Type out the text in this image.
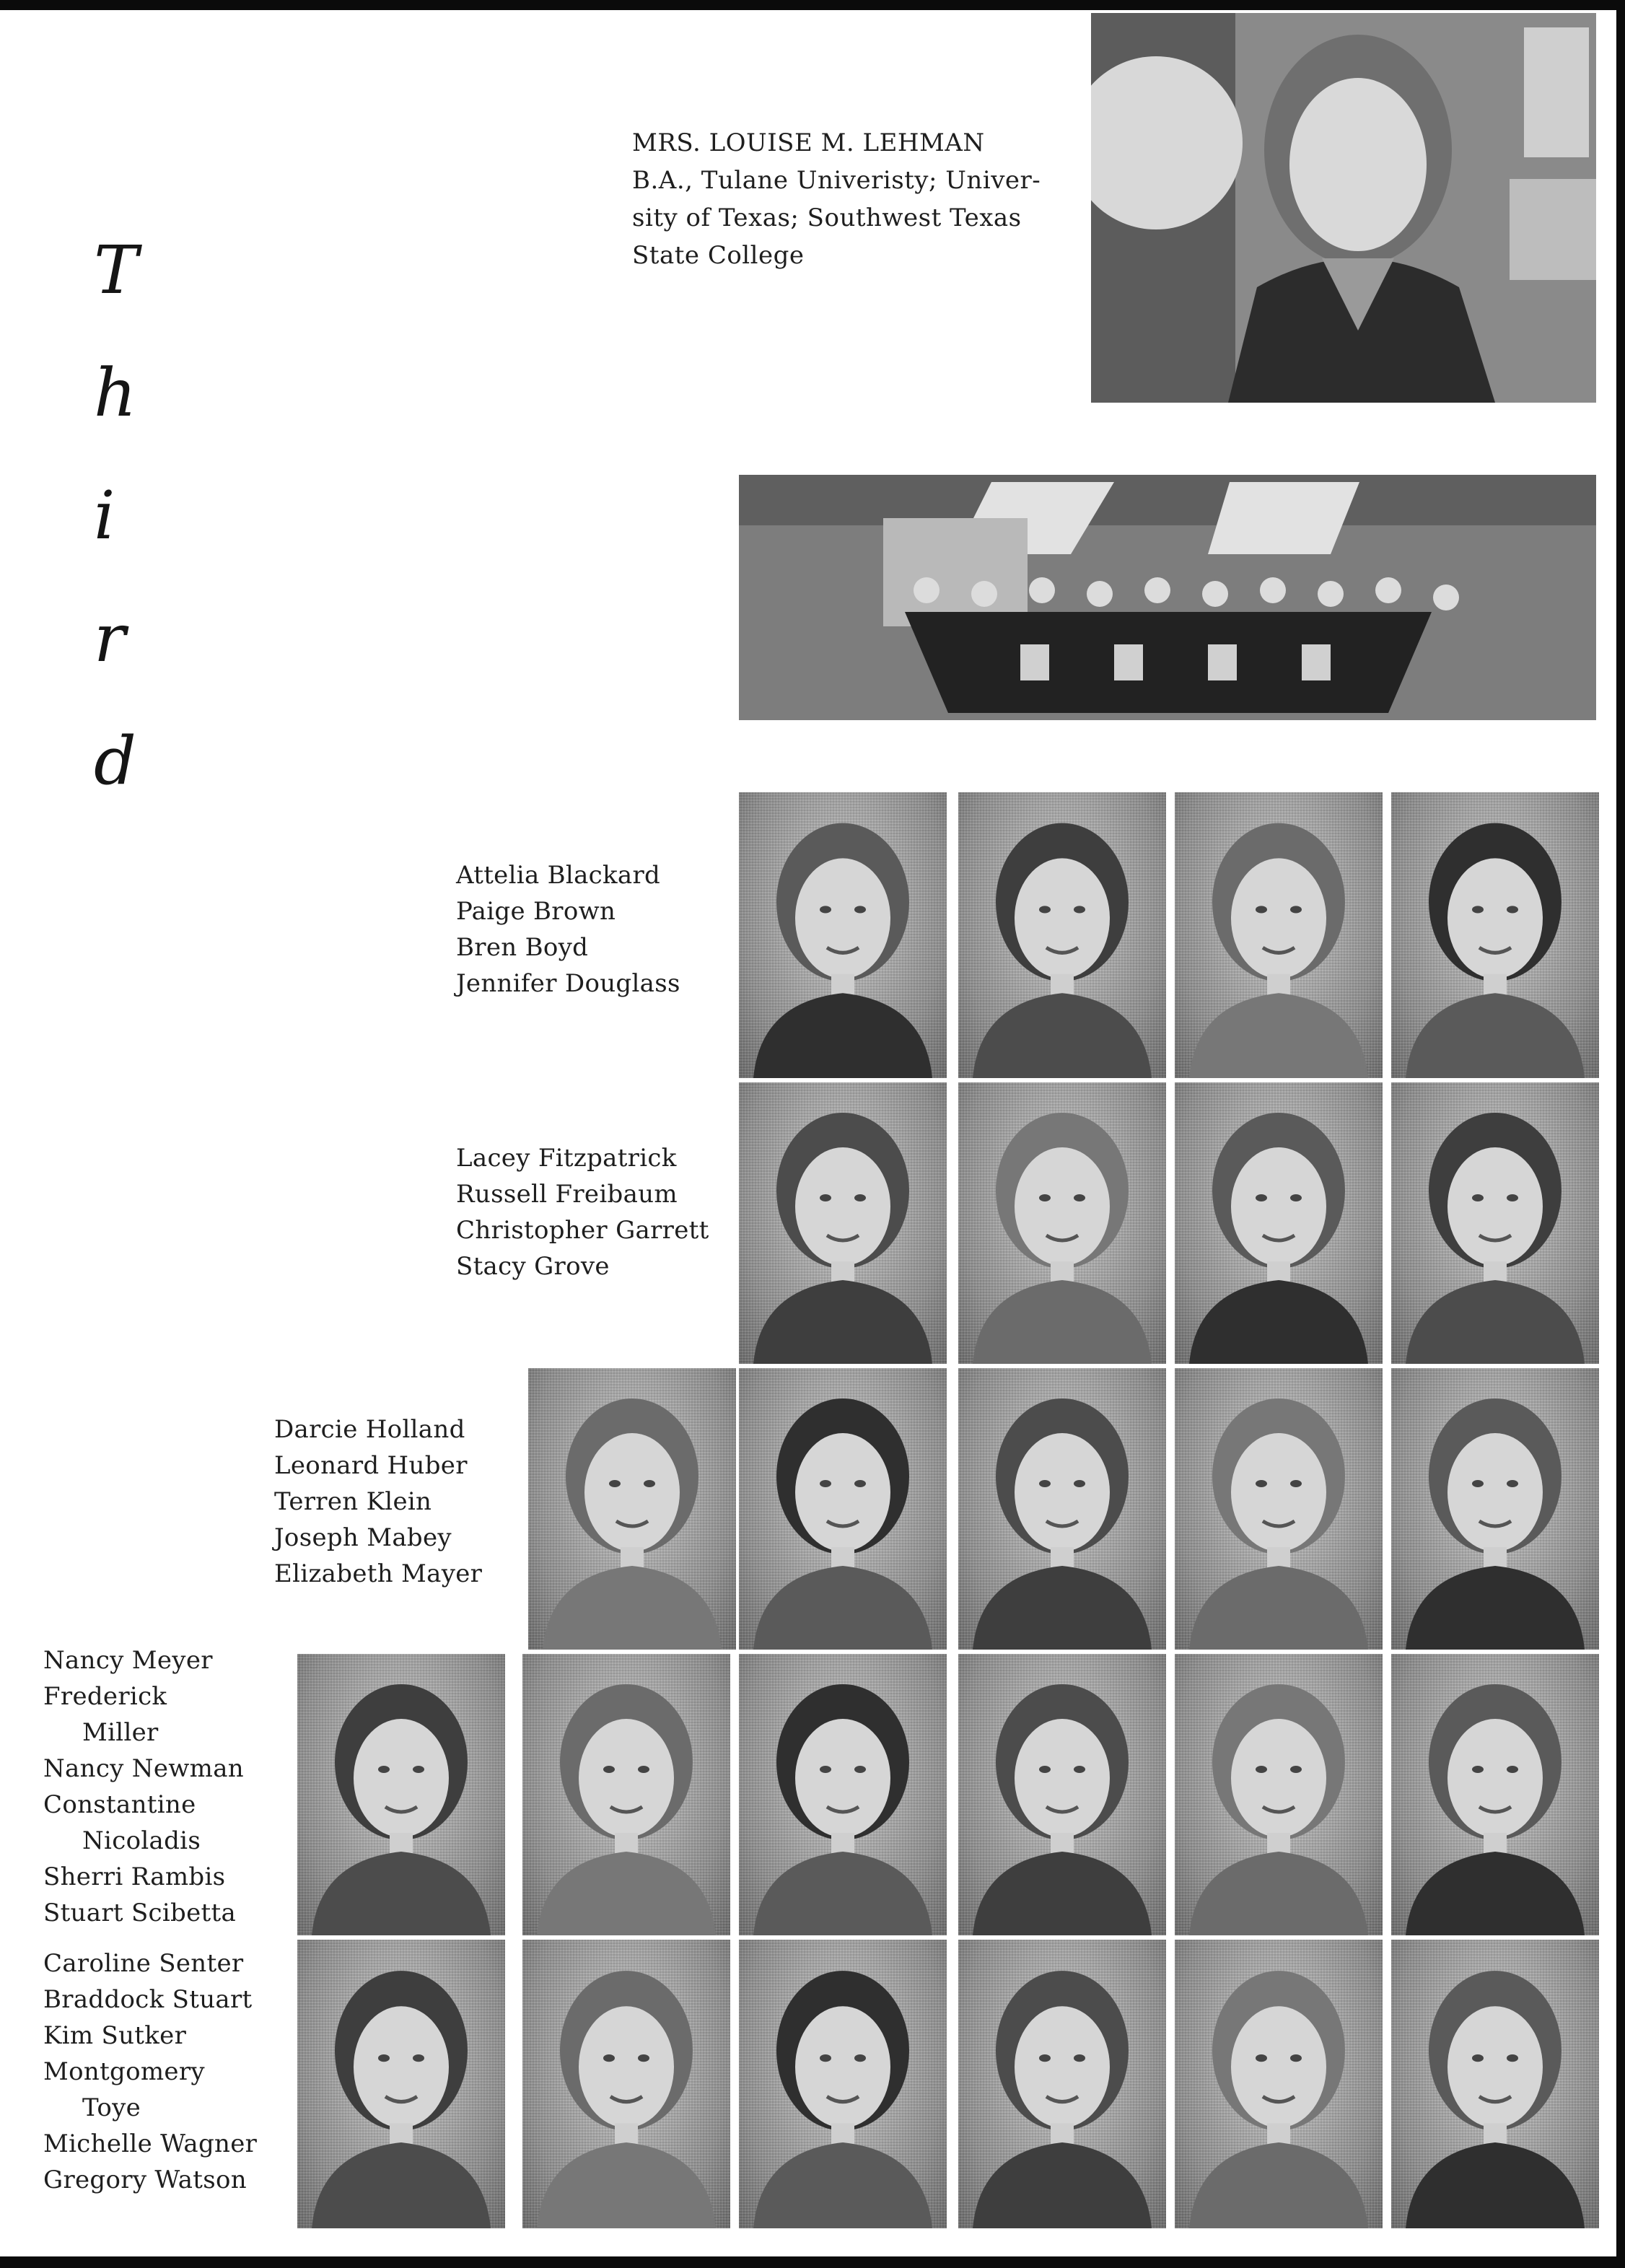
T
h
i
r
d
MRS. LOUISE M. LEHMAN
B.A., Tulane Univeristy; Univer-
sity of Texas; Southwest Texas
State College
Attelia Blackard
Paige Brown
Bren Boyd
Jennifer Douglass
Lacey Fitzpatrick
Russell Freibaum
Christopher Garrett
Stacy Grove
Darcie Holland
Leonard Huber
Terren Klein
Joseph Mabey
Elizabeth Mayer
Nancy Meyer
Frederick
Miller
Nancy Newman
Constantine
Nicoladis
Sherri Rambis
Stuart Scibetta
Caroline Senter
Braddock Stuart
Kim Sutker
Montgomery
Toye
Michelle Wagner
Gregory Watson
